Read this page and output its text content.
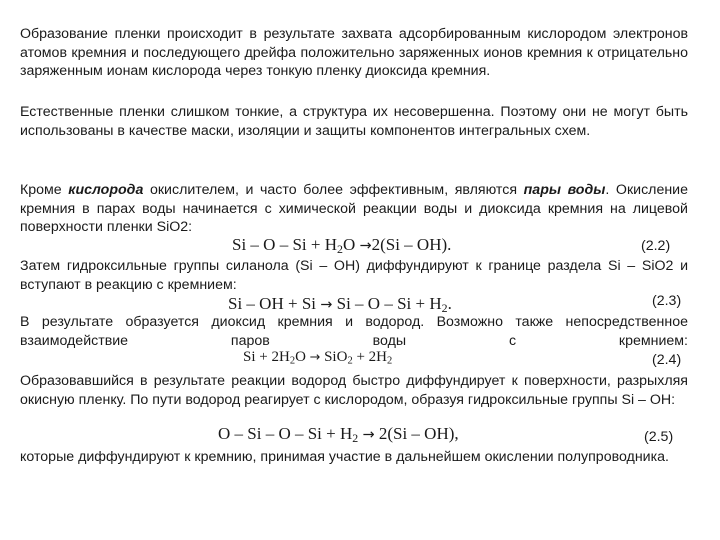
Образование пленки происходит в результате захвата адсорбированным кислородом электронов атомов кремния и последующего дрейфа положительно заряженных ионов кремния к отрицательно заряженным ионам кислорода через тонкую пленку диоксида кремния.

Естественные пленки слишком тонкие, а структура их несовершенна. Поэтому они не могут быть использованы в качестве маски, изоляции и защиты компонентов интегральных схем.

Кроме кислорода окислителем, и часто более эффективным, являются пары воды. Окисление кремния в парах воды начинается с химической реакции воды и диоксида кремния на лицевой поверхности пленки SiO2:

$Si - O - Si + H_2O \to 2(Si - OH)$.	(2.2)

Затем гидроксильные группы силанола (Si – OH) диффундируют к границе раздела Si – SiO2 и вступают в реакцию с кремнием:

Si – OH + $Si \to Si - O - Si + H_2$.	(2.3)

В результате образуется диоксид кремния и водород. Возможно также непосредственное взаимодействие паров воды с кремнием:

$Si + 2H_2O \to SiO_2 + 2H_2$	(2.4)

Образовавшийся в результате реакции водород быстро диффундирует к поверхности, разрыхляя окисную пленку. По пути водород реагирует с кислородом, образуя гидроксильные группы Si – OH:

$O - Si - O - Si + H_2 \to 2(Si - OH)$,	(2.5)

которые диффундируют к кремнию, принимая участие в дальнейшем окислении полупроводника.
